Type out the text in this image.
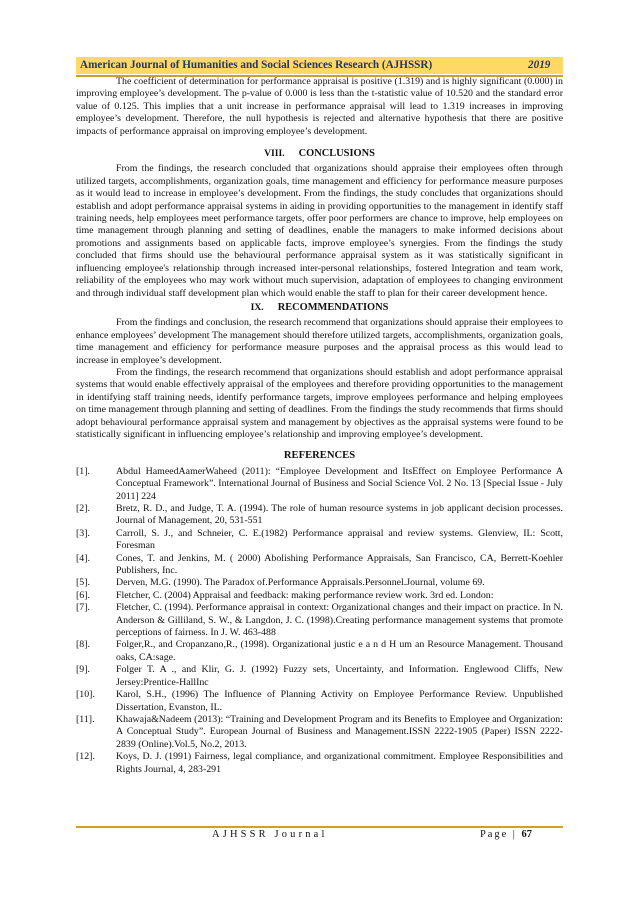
American Journal of Humanities and Social Sciences Research (AJHSSR)	2019

The coefficient of determination for performance appraisal is positive (1.319) and is highly significant (0.000) in improving employee’s development. The p-value of 0.000 is less than the t-statistic value of 10.520 and the standard error value of 0.125. This implies that a unit increase in performance appraisal will lead to 1.319 increases in improving employee’s development. Therefore, the null hypothesis is rejected and alternative hypothesis that there are positive impacts of performance appraisal on improving employee’s development.

VIII. CONCLUSIONS

From the findings, the research concluded that organizations should appraise their employees often through utilized targets, accomplishments, organization goals, time management and efficiency for performance measure purposes as it would lead to increase in employee’s development. From the findings, the study concludes that organizations should establish and adopt performance appraisal systems in aiding in providing opportunities to the management in identify staff training needs, help employees meet performance targets, offer poor performers are chance to improve, help employees on time management through planning and setting of deadlines, enable the managers to make informed decisions about promotions and assignments based on applicable facts, improve employee’s synergies. From the findings the study concluded that firms should use the behavioural performance appraisal system as it was statistically significant in influencing employee's relationship through increased inter-personal relationships, fostered Integration and team work, reliability of the employees who may work without much supervision, adaptation of employees to changing environment and through individual staff development plan which would enable the staff to plan for their career development hence.

IX. RECOMMENDATIONS

From the findings and conclusion, the research recommend that organizations should appraise their employees to enhance employees’ development The management should therefore utilized targets, accomplishments, organization goals, time management and efficiency for performance measure purposes and the appraisal process as this would lead to increase in employee’s development.

From the findings, the research recommend that organizations should establish and adopt performance appraisal systems that would enable effectively appraisal of the employees and therefore providing opportunities to the management in identifying staff training needs, identify performance targets, improve employees performance and helping employees on time management through planning and setting of deadlines. From the findings the study recommends that firms should adopt behavioural performance appraisal system and management by objectives as the appraisal systems were found to be statistically significant in influencing employee’s relationship and improving employee’s development.

REFERENCES
[1].	Abdul HameedAamerWaheed (2011): “Employee Development and ItsEffect on Employee Performance A Conceptual Framework”. International Journal of Business and Social Science Vol. 2 No. 13 [Special Issue - July 2011] 224
[2].	Bretz, R. D., and Judge, T. A. (1994). The role of human resource systems in job applicant decision processes. Journal of Management, 20, 531-551
[3].	Carroll, S. J., and Schneier, C. E.(1982) Performance appraisal and review systems. Glenview, IL: Scott, Foresman
[4].	Cones, T. and Jenkins, M. ( 2000) Abolishing Performance Appraisals, San Francisco, CA, Berrett-Koehler Publishers, Inc.
[5].	Derven, M.G. (1990). The Paradox of.Performance Appraisals.Personnel.Journal, volume 69.
[6].	Fletcher, C. (2004) Appraisal and feedback: making performance review work. 3rd ed. London:
[7].	Fletcher, C. (1994). Performance appraisal in context: Organizational changes and their impact on practice. In N. Anderson & Gilliland, S. W., & Langdon, J. C. (1998).Creating performance management systems that promote perceptions of fairness. In J. W. 463-488
[8].	Folger,R., and Cropanzano,R., (1998). Organizational justic e a n d H um an Resource Management. Thousand oaks, CA:sage.
[9].	Folger T. A ., and Klir, G. J. (1992) Fuzzy sets, Uncertainty, and Information. Englewood Cliffs, New Jersey:Prentice-HallInc
[10].	Karol, S.H., (1996) The Influence of Planning Activity on Employee Performance Review. Unpublished Dissertation, Evanston, IL.
[11].	Khawaja&Nadeem (2013): “Training and Development Program and its Benefits to Employee and Organization: A Conceptual Study”. European Journal of Business and Management.ISSN 2222-1905 (Paper) ISSN 2222-2839 (Online).Vol.5, No.2, 2013.
[12].	Koys, D. J. (1991) Fairness, legal compliance, and organizational commitment. Employee Responsibilities and Rights Journal, 4, 283-291
AJHSSR Journal	Page | 67
